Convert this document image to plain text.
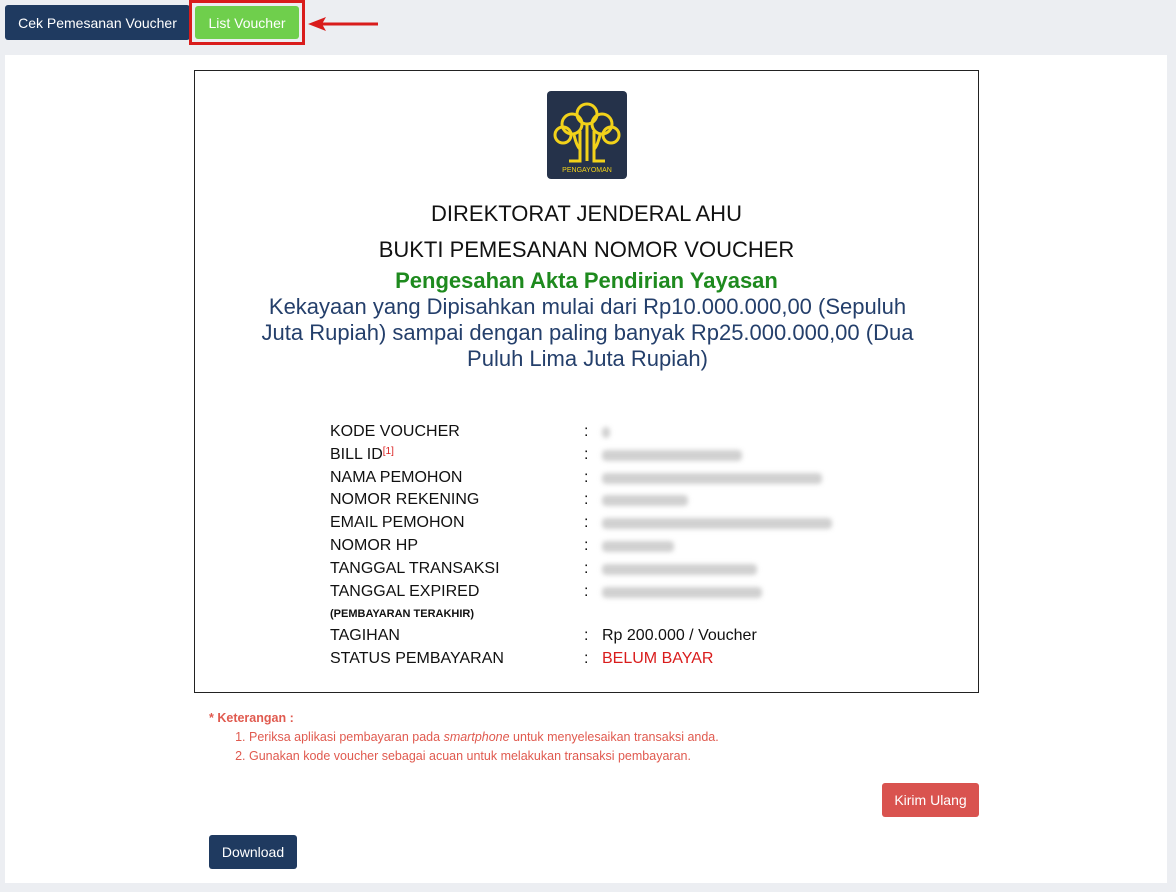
Cek Pemesanan Voucher	List Voucher
PENGAYOMAN
DIREKTORAT JENDERAL AHU
BUKTI PEMESANAN NOMOR VOUCHER
Pengesahan Akta Pendirian Yayasan
Kekayaan yang Dipisahkan mulai dari Rp10.000.000,00 (Sepuluh Juta Rupiah) sampai dengan paling banyak Rp25.000.000,00 (Dua Puluh Lima Juta Rupiah)
KODE VOUCHER	:
BILL ID[1]	:
NAMA PEMOHON	:
NOMOR REKENING	:
EMAIL PEMOHON	:
NOMOR HP	:
TANGGAL TRANSAKSI	:
TANGGAL EXPIRED	:
(PEMBAYARAN TERAKHIR)
TAGIHAN	: Rp 200.000 / Voucher
STATUS PEMBAYARAN	: BELUM BAYAR
* Keterangan :
1. Periksa aplikasi pembayaran pada smartphone untuk menyelesaikan transaksi anda.
2. Gunakan kode voucher sebagai acuan untuk melakukan transaksi pembayaran.
Kirim Ulang
Download
